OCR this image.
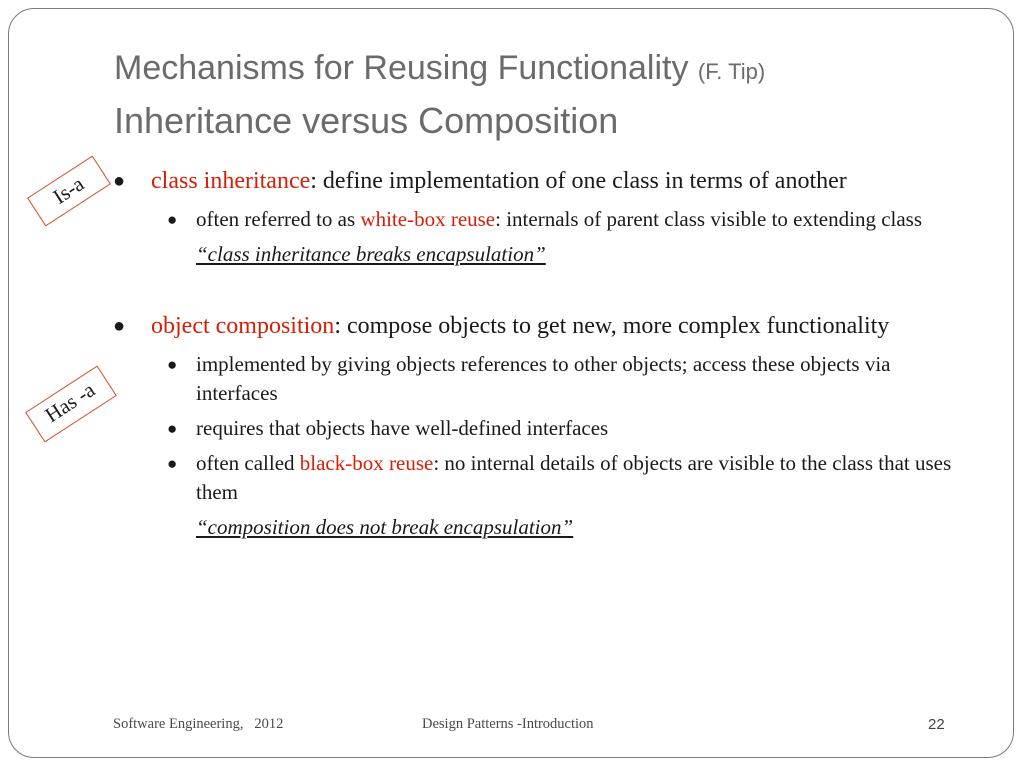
Mechanisms for Reusing Functionality (F. Tip)
Inheritance versus Composition
Is-a
Has -a

● class inheritance: define implementation of one class in terms of another

● often referred to as white-box reuse: internals of parent class visible to extending class

“class inheritance breaks encapsulation”

● object composition: compose objects to get new, more complex functionality

● implemented by giving objects references to other objects; access these objects via interfaces

● requires that objects have well-defined interfaces

● often called black-box reuse: no internal details of objects are visible to the class that uses them

“composition does not break encapsulation”

Software Engineering,   2012	Design Patterns -Introduction	22
